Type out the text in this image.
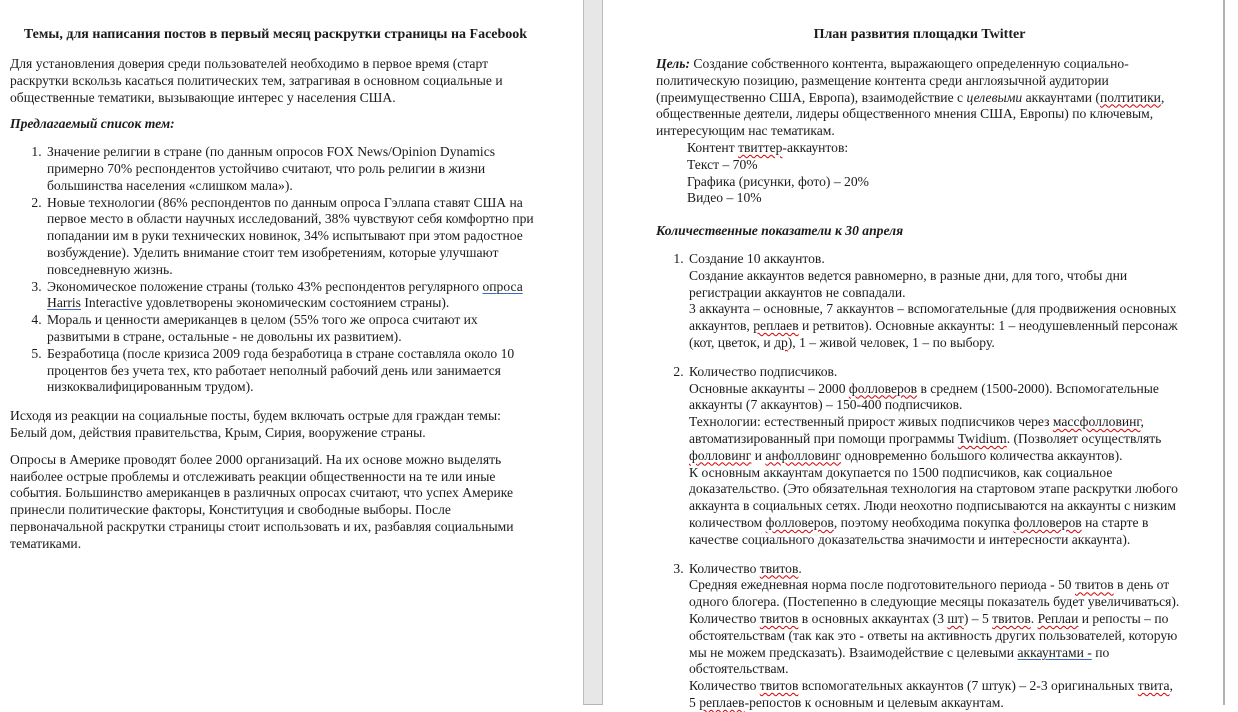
Темы, для написания постов в первый месяц раскрутки страницы на Facebook

Для установления доверия среди пользователей необходимо в первое время (старт раскрутки вскользь касаться политических тем, затрагивая в основном социальные и общественные тематики, вызывающие интерес у населения США.

Предлагаемый список тем:

1. Значение религии в стране (по данным опросов FOX News/Opinion Dynamics примерно 70% респондентов устойчиво считают, что роль религии в жизни большинства населения «слишком мала»).
2. Новые технологии (86% респондентов по данным опроса Гэллапа ставят США на первое место в области научных исследований, 38% чувствуют себя комфортно при попадании им в руки технических новинок, 34% испытывают при этом радостное возбуждение). Уделить внимание стоит тем изобретениям, которые улучшают повседневную жизнь.
3. Экономическое положение страны (только 43% респондентов регулярного опроса Harris Interactive удовлетворены экономическим состоянием страны).
4. Мораль и ценности американцев в целом (55% того же опроса считают их развитыми в стране, остальные - не довольны их развитием).
5. Безработица (после кризиса 2009 года безработица в стране составляла около 10 процентов без учета тех, кто работает неполный рабочий день или занимается низкоквалифицированным трудом).

Исходя из реакции на социальные посты, будем включать острые для граждан темы: Белый дом, действия правительства, Крым, Сирия, вооружение страны.

Опросы в Америке проводят более 2000 организаций. На их основе можно выделять наиболее острые проблемы и отслеживать реакции общественности на те или иные события. Большинство американцев в различных опросах считают, что успех Америке принесли политические факторы, Конституция и свободные выборы. После первоначальной раскрутки страницы стоит использовать и их, разбавляя социальными тематиками.

План развития площадки Twitter

Цель: Создание собственного контента, выражающего определенную социально-политическую позицию, размещение контента среди англоязычной аудитории (преимущественно США, Европа), взаимодействие с целевыми аккаунтами (полтитики, общественные деятели, лидеры общественного мнения США, Европы) по ключевым, интересующим нас тематикам.

Контент твиттер-аккаунтов:
Текст – 70%
Графика (рисунки, фото) – 20%
Видео – 10%

Количественные показатели к 30 апреля

1. Создание 10 аккаунтов.
Создание аккаунтов ведется равномерно, в разные дни, для того, чтобы дни регистрации аккаунтов не совпадали.
3 аккаунта – основные, 7 аккаунтов – вспомогательные (для продвижения основных аккаунтов, реплаев и ретвитов). Основные аккаунты: 1 – неодушевленный персонаж (кот, цветок, и др), 1 – живой человек, 1 – по выбору.
2. Количество подписчиков.
Основные аккаунты – 2000 фолловеров в среднем (1500-2000). Вспомогательные аккаунты (7 аккаунтов) – 150-400 подписчиков.
Технологии: естественный прирост живых подписчиков через массфолловинг, автоматизированный при помощи программы Twidium. (Позволяет осуществлять фолловинг и анфолловинг одновременно большого количества аккаунтов).
К основным аккаунтам докупается по 1500 подписчиков, как социальное доказательство. (Это обязательная технология на стартовом этапе раскрутки любого аккаунта в социальных сетях. Люди неохотно подписываются на аккаунты с низким количеством фолловеров, поэтому необходима покупка фолловеров на старте в качестве социального доказательства значимости и интересности аккаунта).
3. Количество твитов.
Средняя ежедневная норма после подготовительного периода - 50 твитов в день от одного блогера. (Постепенно в следующие месяцы показатель будет увеличиваться). Количество твитов в основных аккаунтах (3 шт) – 5 твитов. Реплаи и репосты – по обстоятельствам (так как это - ответы на активность других пользователей, которую мы не можем предсказать). Взаимодействие с целевыми аккаунтами - по обстоятельствам.
Количество твитов вспомогательных аккаунтов (7 штук) – 2-3 оригинальных твита, 5 реплаев-репостов к основным и целевым аккаунтам.
